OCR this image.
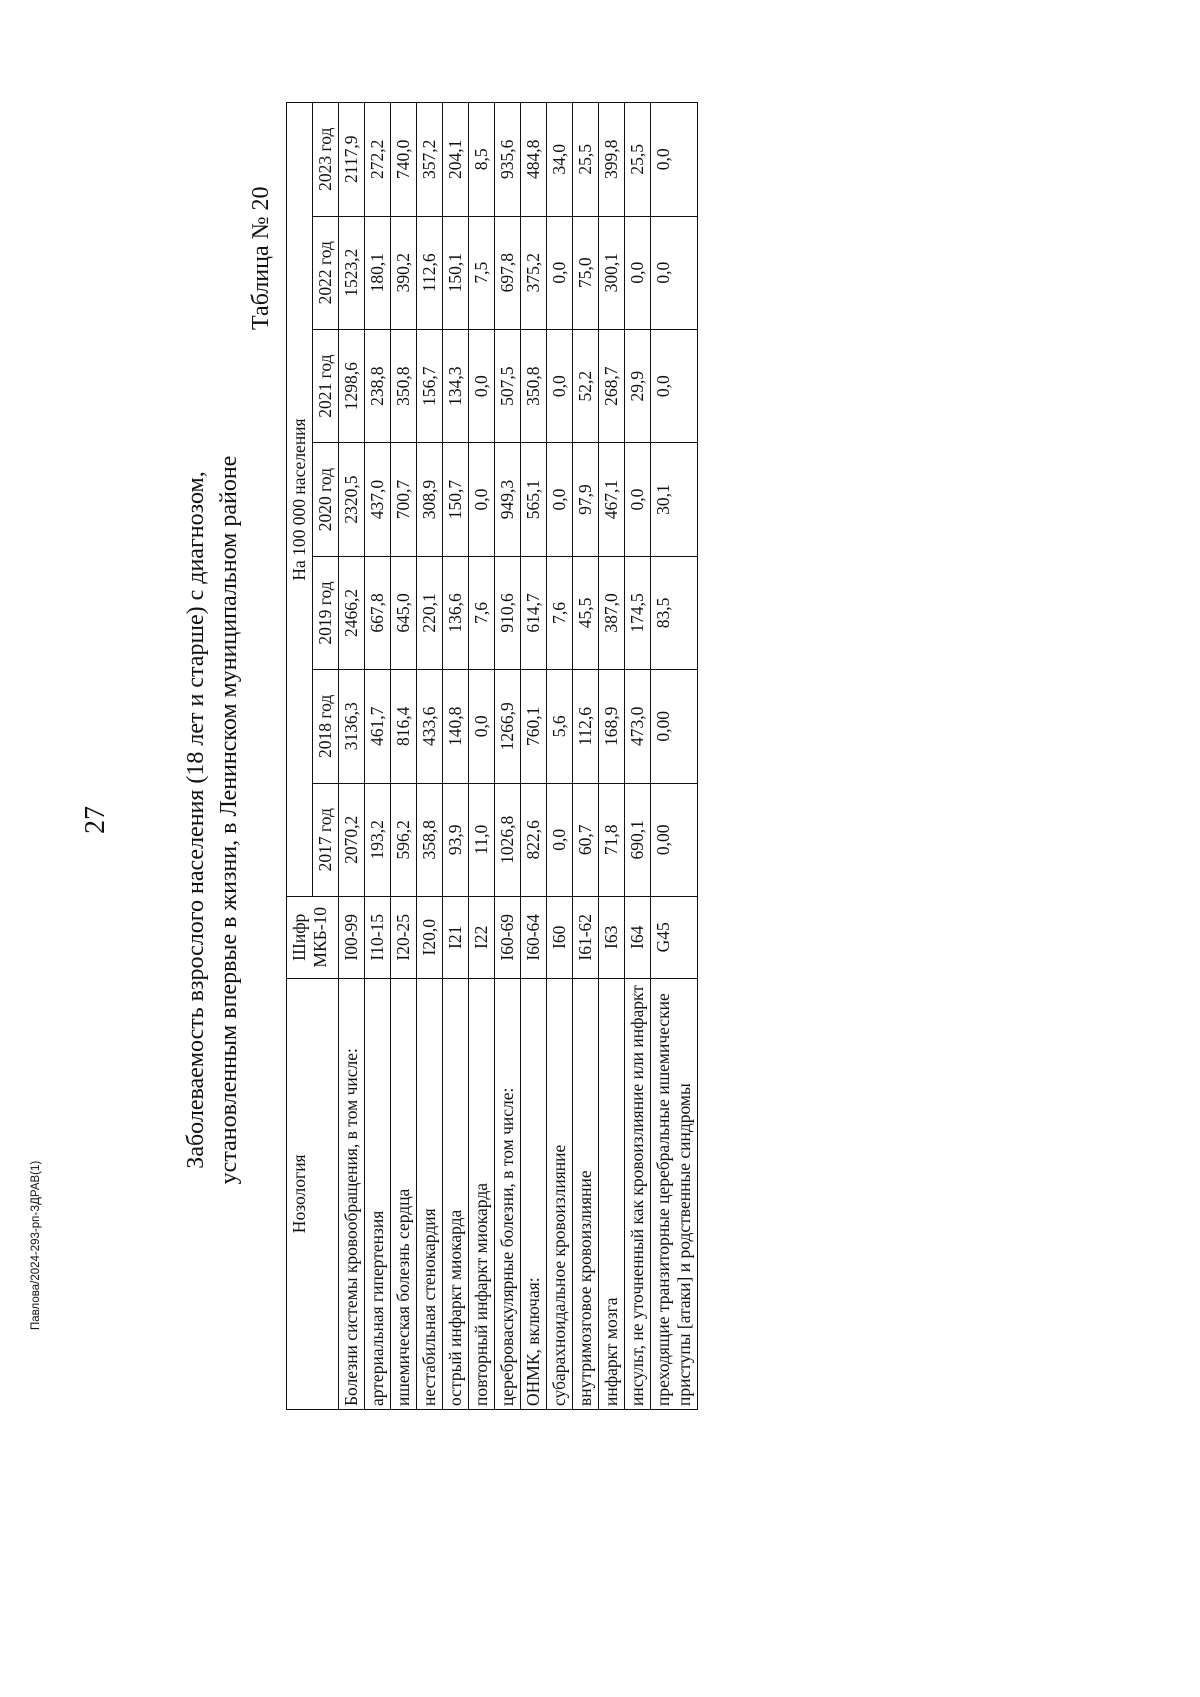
27	Заболеваемость взрослого населения (18 лет и старше) с диагнозом, установленным впервые в жизни, в Ленинском муниципальном районе
Таблица № 20
Нозология	Шифр МКБ-10	На 100 000 населения						
		2017 год	2018 год	2019 год	2020 год	2021 год	2022 год	2023 год
Болезни системы кровообращения, в том числе:	I00-99	2070,2	3136,3	2466,2	2320,5	1298,6	1523,2	2117,9
артериальная гипертензия	I10-15	193,2	461,7	667,8	437,0	238,8	180,1	272,2
ишемическая болезнь сердца	I20-25	596,2	816,4	645,0	700,7	350,8	390,2	740,0
нестабильная стенокардия	I20,0	358,8	433,6	220,1	308,9	156,7	112,6	357,2
острый инфаркт миокарда	I21	93,9	140,8	136,6	150,7	134,3	150,1	204,1
повторный инфаркт миокарда	I22	11,0	0,0	7,6	0,0	0,0	7,5	8,5
цереброваскулярные болезни, в том числе:	I60-69	1026,8	1266,9	910,6	949,3	507,5	697,8	935,6
ОНМК, включая:	I60-64	822,6	760,1	614,7	565,1	350,8	375,2	484,8
субарахноидальное кровоизлияние	I60	0,0	5,6	7,6	0,0	0,0	0,0	34,0
внутримозговое кровоизлияние	I61-62	60,7	112,6	45,5	97,9	52,2	75,0	25,5
инфаркт мозга	I63	71,8	168,9	387,0	467,1	268,7	300,1	399,8
инсульт, не уточненный как кровоизлияние или инфаркт	I64	690,1	473,0	174,5	0,0	29,9	0,0	25,5
преходящие транзиторные церебральные ишемические приступы [атаки] и родственные синдромы	G45	0,00	0,00	83,5	30,1	0,0	0,0	0,0
Павлова/2024-293-рп-ЗДРАВ(1)
